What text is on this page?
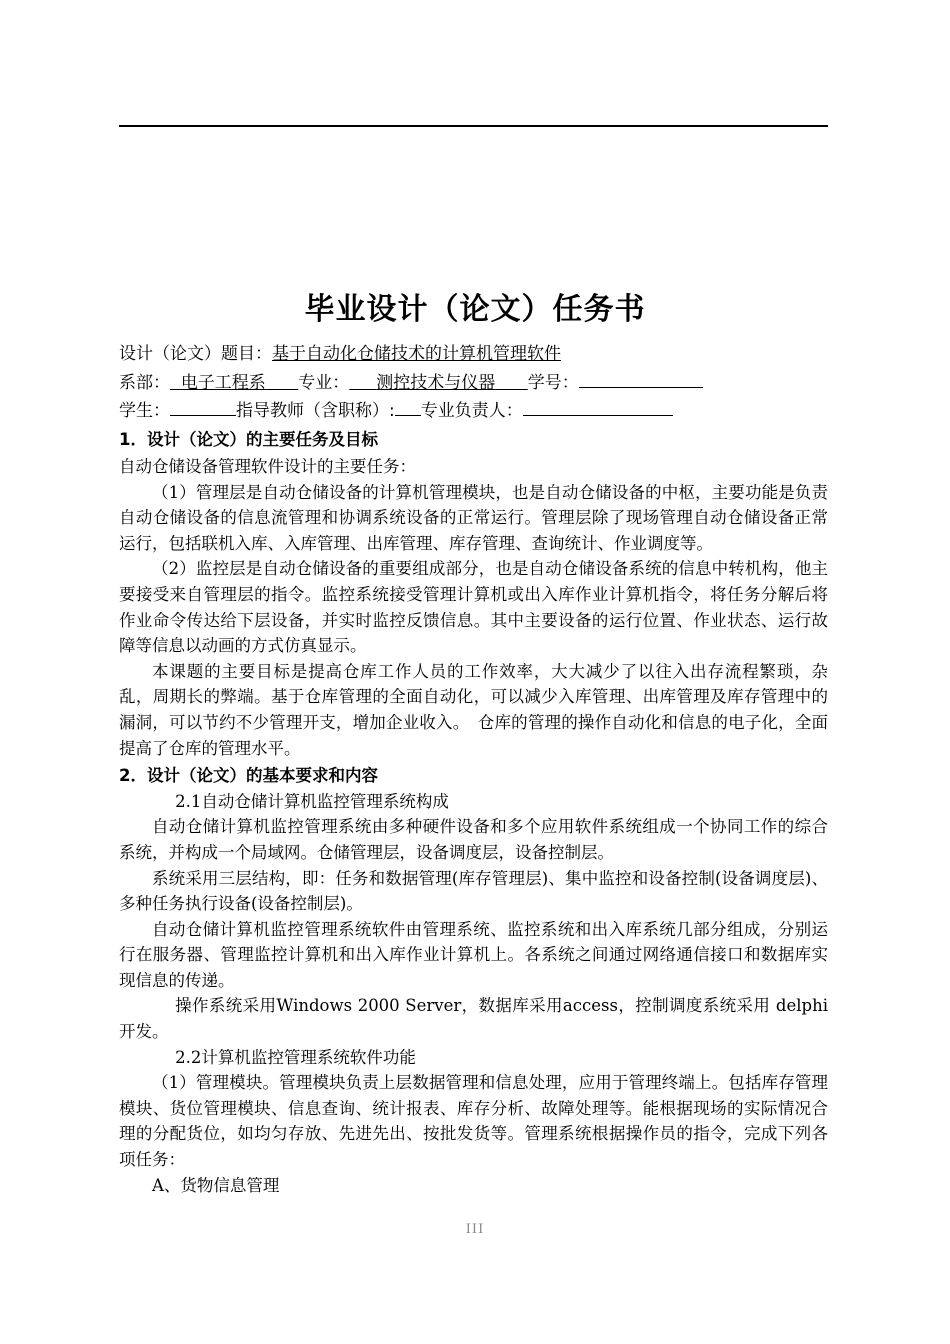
毕业设计（论文）任务书
设计（论文）题目：基于自动化仓储技术的计算机管理软件
系部： 电子工程系 专业： 测控技术与仪器 学号：
学生：	指导教师（含职称）: 专业负责人：
1．设计（论文）的主要任务及目标

自动仓储设备管理软件设计的主要任务：

（1）管理层是自动仓储设备的计算机管理模块，也是自动仓储设备的中枢，主要功能是负责自动仓储设备的信息流管理和协调系统设备的正常运行。管理层除了现场管理自动仓储设备正常运行，包括联机入库、入库管理、出库管理、库存管理、查询统计、作业调度等。

（2）监控层是自动仓储设备的重要组成部分，也是自动仓储设备系统的信息中转机构，他主要接受来自管理层的指令。监控系统接受管理计算机或出入库作业计算机指令，将任务分解后将作业命令传达给下层设备，并实时监控反馈信息。其中主要设备的运行位置、作业状态、运行故障等信息以动画的方式仿真显示。

本课题的主要目标是提高仓库工作人员的工作效率，大大减少了以往入出存流程繁琐，杂乱，周期长的弊端。基于仓库管理的全面自动化，可以减少入库管理、出库管理及库存管理中的漏洞，可以节约不少管理开支，增加企业收入。　仓库的管理的操作自动化和信息的电子化，全面提高了仓库的管理水平。

2．设计（论文）的基本要求和内容

2.1自动仓储计算机监控管理系统构成

自动仓储计算机监控管理系统由多种硬件设备和多个应用软件系统组成一个协同工作的综合系统，并构成一个局域网。仓储管理层，设备调度层，设备控制层。

系统采用三层结构，即：任务和数据管理(库存管理层)、集中监控和设备控制(设备调度层)、多种任务执行设备(设备控制层)。

自动仓储计算机监控管理系统软件由管理系统、监控系统和出入库系统几部分组成，分别运行在服务器、管理监控计算机和出入库作业计算机上。各系统之间通过网络通信接口和数据库实现信息的传递。

操作系统采用Windows 2000 Server，数据库采用access，控制调度系统采用 delphi开发。

2.2计算机监控管理系统软件功能

（1）管理模块。管理模块负责上层数据管理和信息处理，应用于管理终端上。包括库存管理模块、货位管理模块、信息查询、统计报表、库存分析、故障处理等。能根据现场的实际情况合理的分配货位，如均匀存放、先进先出、按批发货等。管理系统根据操作员的指令，完成下列各项任务：

A、货物信息管理

III
